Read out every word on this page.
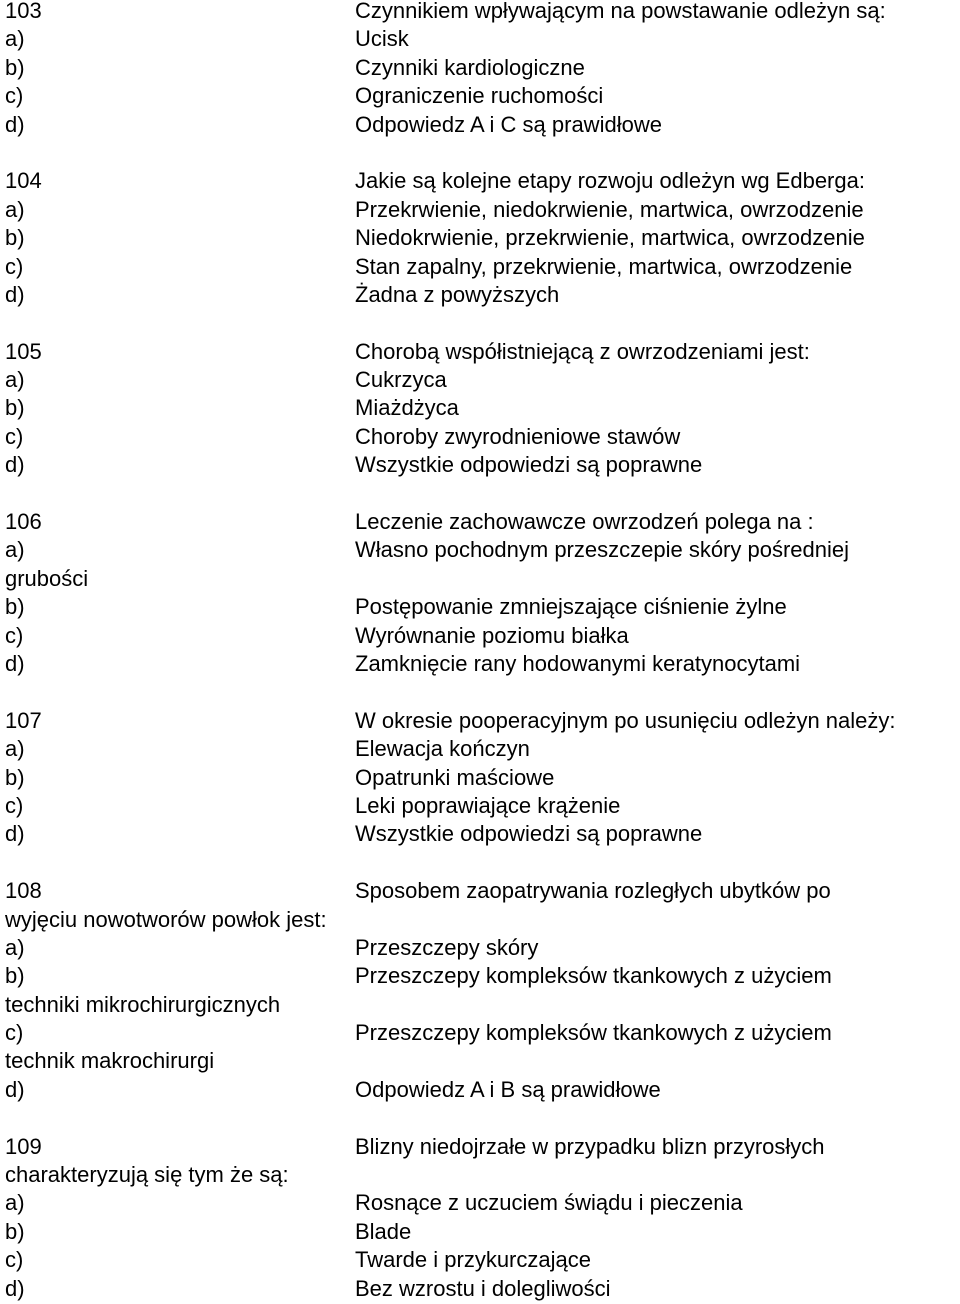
103	Czynnikiem wpływającym na powstawanie odleżyn są:
a)	Ucisk
b)	Czynniki kardiologiczne
c)	Ograniczenie ruchomości
d)	Odpowiedz A i C są prawidłowe
104	Jakie są kolejne etapy rozwoju odleżyn wg Edberga:
a)	Przekrwienie, niedokrwienie, martwica, owrzodzenie
b)	Niedokrwienie, przekrwienie, martwica, owrzodzenie
c)	Stan zapalny, przekrwienie, martwica, owrzodzenie
d)	Żadna z powyższych
105	Chorobą współistniejącą z owrzodzeniami jest:
a)	Cukrzyca
b)	Miażdżyca
c)	Choroby zwyrodnieniowe stawów
d)	Wszystkie odpowiedzi są poprawne
106	Leczenie zachowawcze owrzodzeń polega na :
a)	Własno pochodnym przeszczepie skóry pośredniej
grubości
b)	Postępowanie zmniejszające ciśnienie żylne
c)	Wyrównanie poziomu białka
d)	Zamknięcie rany hodowanymi keratynocytami
107	W okresie pooperacyjnym po usunięciu odleżyn należy:
a)	Elewacja kończyn
b)	Opatrunki maściowe
c)	Leki poprawiające krążenie
d)	Wszystkie odpowiedzi są poprawne
108	Sposobem zaopatrywania rozległych ubytków po
wyjęciu nowotworów powłok jest:
a)	Przeszczepy skóry
b)	Przeszczepy kompleksów tkankowych z użyciem
techniki mikrochirurgicznych
c)	Przeszczepy kompleksów tkankowych z użyciem
technik makrochirurgi
d)	Odpowiedz A i B są prawidłowe
109	Blizny niedojrzałe w przypadku blizn przyrosłych
charakteryzują się tym że są:
a)	Rosnące z uczuciem świądu i pieczenia
b)	Blade
c)	Twarde i przykurczające
d)	Bez wzrostu i dolegliwości
